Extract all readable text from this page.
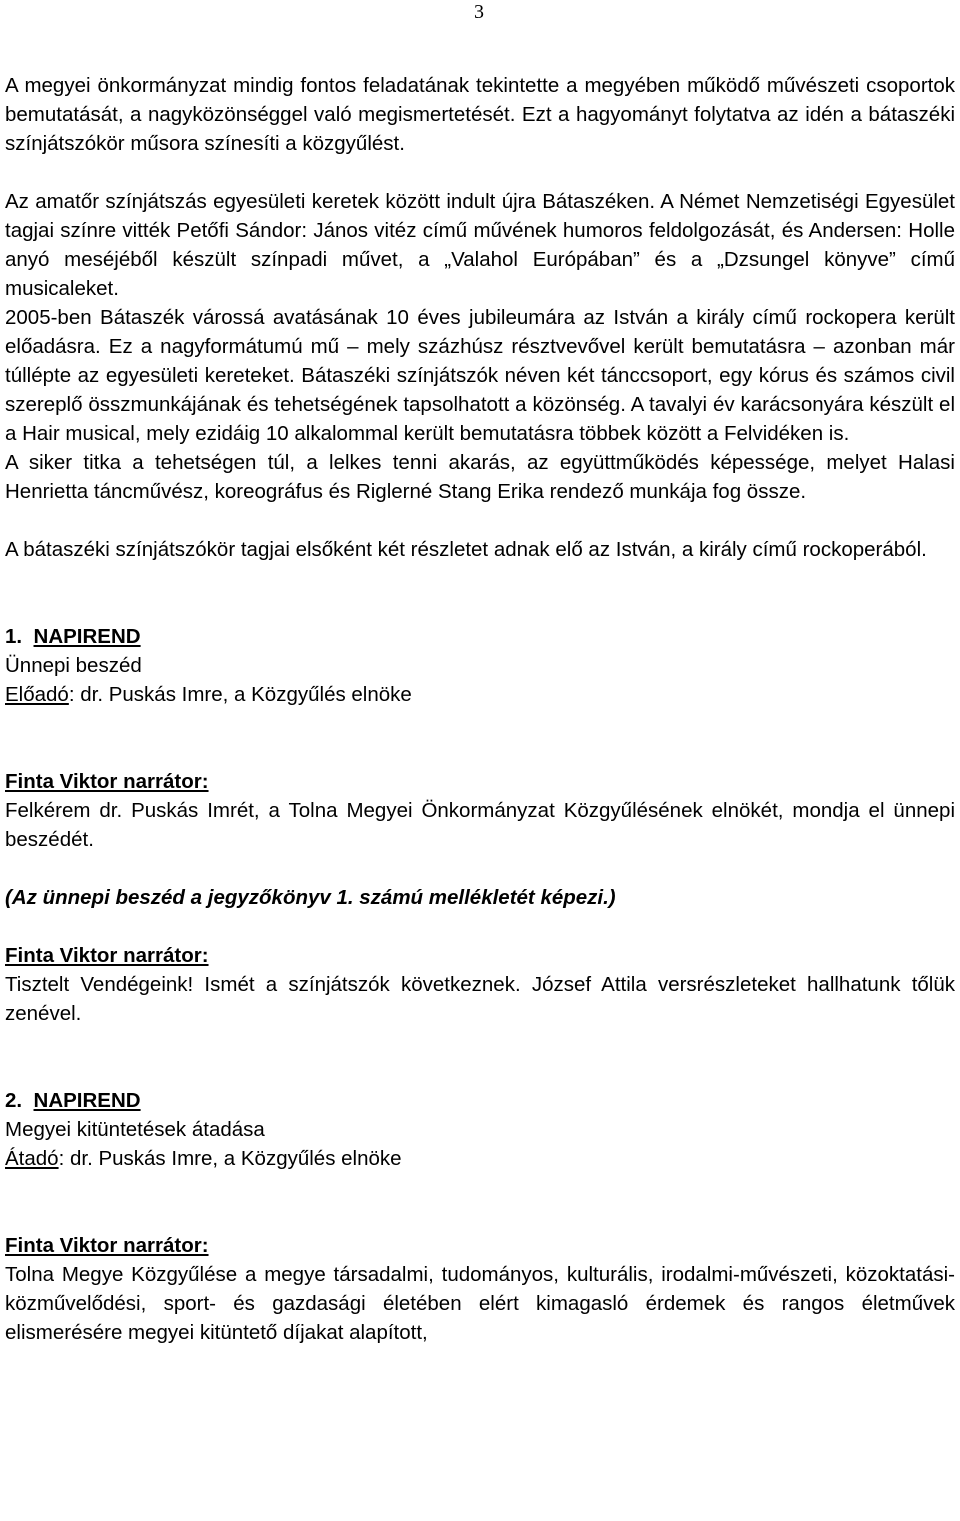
3

A megyei önkormányzat mindig fontos feladatának tekintette a megyében működő művészeti csoportok bemutatását, a nagyközönséggel való megismertetését. Ezt a hagyományt folytatva az idén a bátaszéki színjátszókör műsora színesíti a közgyűlést.

Az amatőr színjátszás egyesületi keretek között indult újra Bátaszéken. A Német Nemzetiségi Egyesület tagjai színre vitték Petőfi Sándor: János vitéz című művének humoros feldolgozását, és Andersen: Holle anyó meséjéből készült színpadi művet, a „Valahol Európában” és a „Dzsungel könyve” című musicaleket.

2005-ben Bátaszék várossá avatásának 10 éves jubileumára az István a király című rockopera került előadásra. Ez a nagyformátumú mű – mely százhúsz résztvevővel került bemutatásra – azonban már túllépte az egyesületi kereteket. Bátaszéki színjátszók néven két tánccsoport, egy kórus és számos civil szereplő összmunkájának és tehetségének tapsolhatott a közönség. A tavalyi év karácsonyára készült el a Hair musical, mely ezidáig 10 alkalommal került bemutatásra többek között a Felvidéken is.

A siker titka a tehetségen túl, a lelkes tenni akarás, az együttműködés képessége, melyet Halasi Henrietta táncművész, koreográfus és Riglerné Stang Erika rendező munkája fog össze.

A bátaszéki színjátszókör tagjai elsőként két részletet adnak elő az István, a király című rockoperából.

1. NAPIREND

Ünnepi beszéd

Előadó: dr. Puskás Imre, a Közgyűlés elnöke

Finta Viktor narrátor:

Felkérem dr. Puskás Imrét, a Tolna Megyei Önkormányzat Közgyűlésének elnökét, mondja el ünnepi beszédét.

(Az ünnepi beszéd a jegyzőkönyv 1. számú mellékletét képezi.)

Finta Viktor narrátor:

Tisztelt Vendégeink! Ismét a színjátszók következnek. József Attila versrészleteket hallhatunk tőlük zenével.

2. NAPIREND

Megyei kitüntetések átadása

Átadó: dr. Puskás Imre, a Közgyűlés elnöke

Finta Viktor narrátor:

Tolna Megye Közgyűlése a megye társadalmi, tudományos, kulturális, irodalmi-művészeti, közoktatási-közművelődési, sport- és gazdasági életében elért kimagasló érdemek és rangos életművek elismerésére megyei kitüntető díjakat alapított,
